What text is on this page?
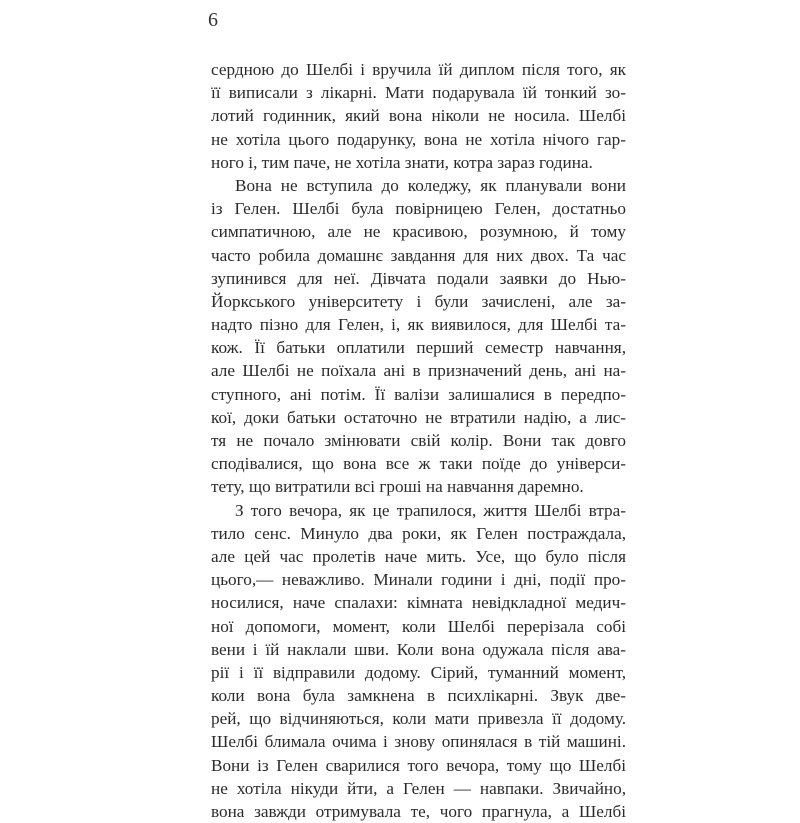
6

сердною до Шелбі і вручила їй диплом після того, як
її виписали з лікарні. Мати подарувала їй тонкий зо-
лотий годинник, який вона ніколи не носила. Шелбі
не хотіла цього подарунку, вона не хотіла нічого гар-
ного і, тим паче, не хотіла знати, котра зараз година.

Вона не вступила до коледжу, як планували вони
із Гелен. Шелбі була повірницею Гелен, достатньо
симпатичною, але не красивою, розумною, й тому
часто робила домашнє завдання для них двох. Та час
зупинився для неї. Дівчата подали заявки до Нью-
Йоркського університету і були зачислені, але за-
надто пізно для Гелен, і, як виявилося, для Шелбі та-
кож. Її батьки оплатили перший семестр навчання,
але Шелбі не поїхала ані в призначений день, ані на-
ступного, ані потім. Її валізи залишалися в передпо-
кої, доки батьки остаточно не втратили надію, а лис-
тя не почало змінювати свій колір. Вони так довго
сподівалися, що вона все ж таки поїде до універси-
тету, що витратили всі гроші на навчання даремно.

З того вечора, як це трапилося, життя Шелбі втра-
тило сенс. Минуло два роки, як Гелен постраждала,
але цей час пролетів наче мить. Усе, що було після
цього,— неважливо. Минали години і дні, події про-
носилися, наче спалахи: кімната невідкладної медич-
ної допомоги, момент, коли Шелбі перерізала собі
вени і їй наклали шви. Коли вона одужала після ава-
рії і її відправили додому. Сірий, туманний момент,
коли вона була замкнена в психлікарні. Звук две-
рей, що відчиняються, коли мати привезла її додому.
Шелбі блимала очима і знову опинялася в тій машині.
Вони із Гелен сварилися того вечора, тому що Шелбі
не хотіла нікуди йти, а Гелен — навпаки. Звичайно,
вона завжди отримувала те, чого прагнула, а Шелбі
